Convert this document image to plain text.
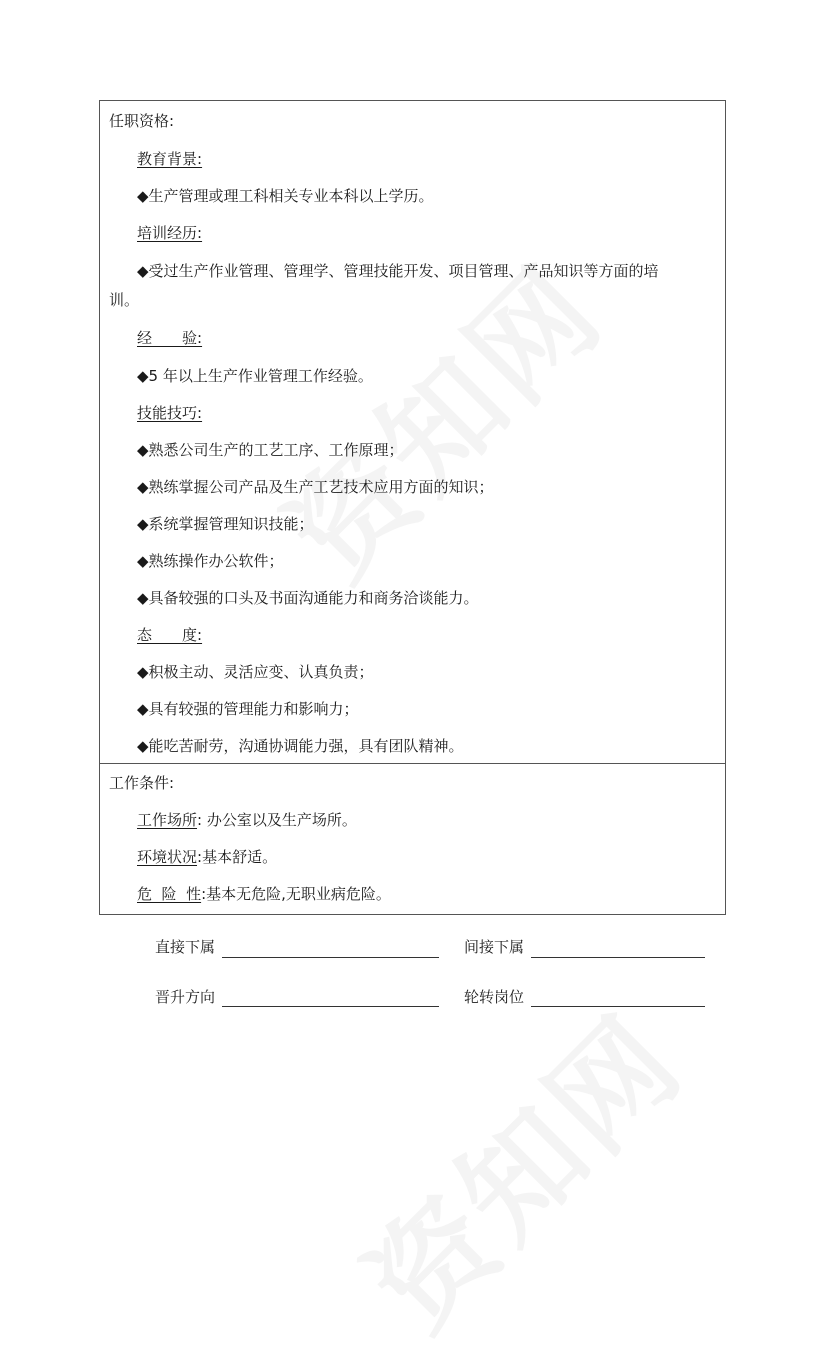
任职资格:
教育背景:
◆生产管理或理工科相关专业本科以上学历。
培训经历:
◆受过生产作业管理、管理学、管理技能开发、项目管理、产品知识等方面的培
训。
经　　验:
◆5 年以上生产作业管理工作经验。
技能技巧:
◆熟悉公司生产的工艺工序、工作原理；
◆熟练掌握公司产品及生产工艺技术应用方面的知识；
◆系统掌握管理知识技能；
◆熟练操作办公软件；
◆具备较强的口头及书面沟通能力和商务洽谈能力。
态　　度:
◆积极主动、灵活应变、认真负责；
◆具有较强的管理能力和影响力；
◆能吃苦耐劳，沟通协调能力强，具有团队精神。
工作条件:
工作场所: 办公室以及生产场所。
环境状况:基本舒适。
危  险  性:基本无危险,无职业病危险。
直接下属	间接下属
晋升方向	轮转岗位
